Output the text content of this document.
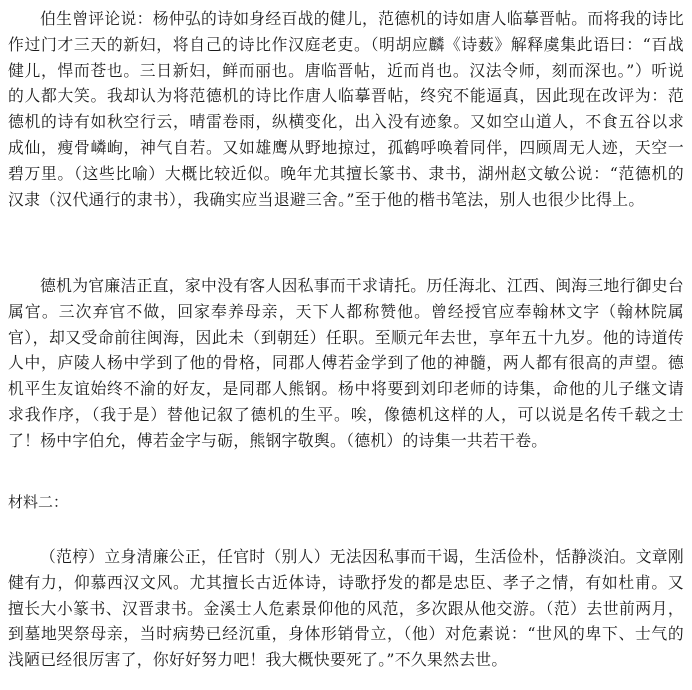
伯生曾评论说：杨仲弘的诗如身经百战的健儿，范德机的诗如唐人临摹晋帖。而将我的诗比作过门才三天的新妇，将自己的诗比作汉庭老吏。（明胡应麟《诗薮》解释虞集此语曰：“百战健儿，悍而苍也。三日新妇，鲜而丽也。唐临晋帖，近而肖也。汉法令师，刻而深也。”）听说的人都大笑。我却认为将范德机的诗比作唐人临摹晋帖，终究不能逼真，因此现在改评为：范德机的诗有如秋空行云，晴雷卷雨，纵横变化，出入没有迹象。又如空山道人，不食五谷以求成仙，瘦骨嶙峋，神气自若。又如雄鹰从野地掠过，孤鹤呼唤着同伴，四顾周无人迹，天空一碧万里。（这些比喻）大概比较近似。晚年尤其擅长篆书、隶书，湖州赵文敏公说：“范德机的汉隶（汉代通行的隶书），我确实应当退避三舍。”至于他的楷书笔法，别人也很少比得上。

德机为官廉洁正直，家中没有客人因私事而干求请托。历任海北、江西、闽海三地行御史台属官。三次弃官不做，回家奉养母亲，天下人都称赞他。曾经授官应奉翰林文字（翰林院属官），却又受命前往闽海，因此未（到朝廷）任职。至顺元年去世，享年五十九岁。他的诗道传人中，庐陵人杨中学到了他的骨格，同郡人傅若金学到了他的神髓，两人都有很高的声望。德机平生友谊始终不渝的好友，是同郡人熊钢。杨中将要到刘印老师的诗集，命他的儿子继文请求我作序，（我于是）替他记叙了德机的生平。唉，像德机这样的人，可以说是名传千载之士了！杨中字伯允，傅若金字与砺，熊钢字敬舆。（德机）的诗集一共若干卷。

材料二：

（范梈）立身清廉公正，任官时（别人）无法因私事而干谒，生活俭朴，恬静淡泊。文章刚健有力，仰慕西汉文风。尤其擅长古近体诗，诗歌抒发的都是忠臣、孝子之情，有如杜甫。又擅长大小篆书、汉晋隶书。金溪士人危素景仰他的风范，多次跟从他交游。（范）去世前两月，到墓地哭祭母亲，当时病势已经沉重，身体形销骨立，（他）对危素说：“世风的卑下、士气的浅陋已经很厉害了，你好好努力吧！我大概快要死了。”不久果然去世。
